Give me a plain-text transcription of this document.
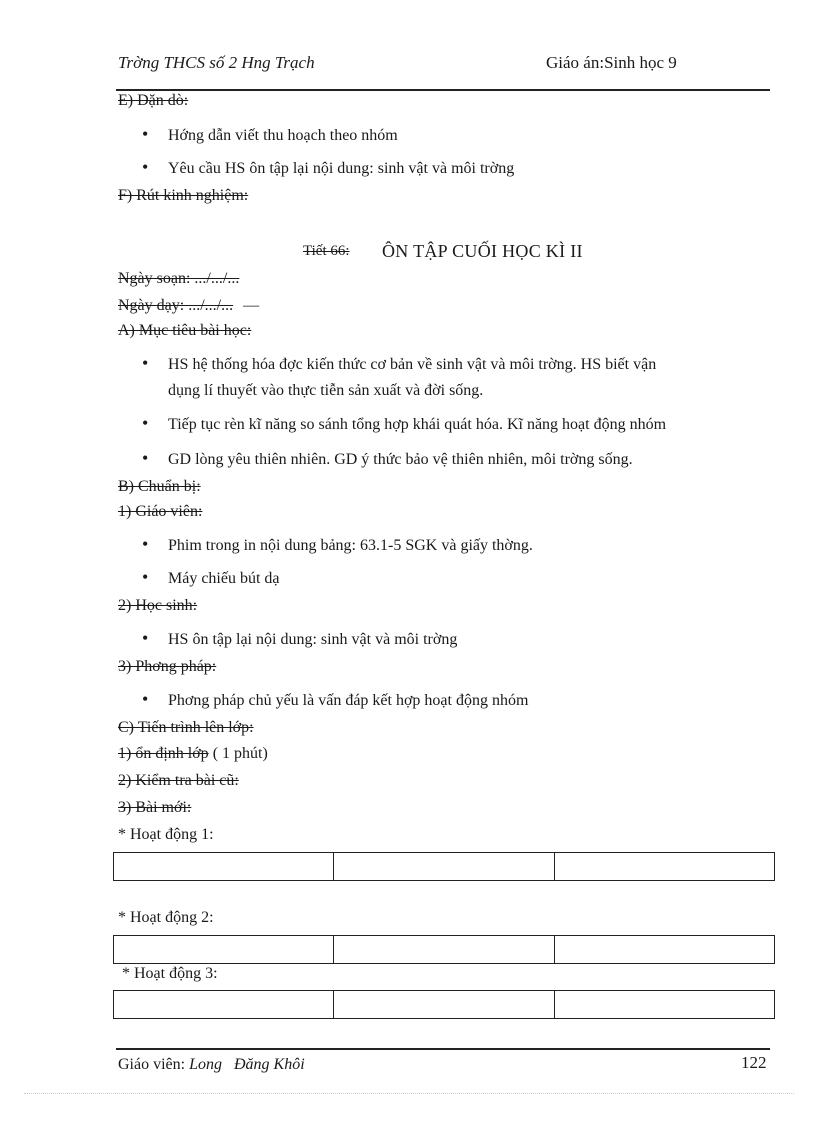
Trờng THCS số 2 Hng Trạch	Giáo án:Sinh học 9
E) Dặn dò:
•	Hớng dẫn viết thu hoạch theo nhóm
•	Yêu cầu HS ôn tập lại nội dung: sinh vật và môi trờng
F) Rút kinh nghiệm:
Tiết 66: ÔN TẬP CUỐI HỌC KÌ II
Ngày soạn: .../.../...
Ngày dạy: .../.../... —
A) Mục tiêu bài học:
•	HS hệ thống hóa đợc kiến thức cơ bản về sinh vật và môi trờng. HS biết vận
dụng lí thuyết vào thực tiễn sản xuất và đời sống.
•	Tiếp tục rèn kĩ năng so sánh tổng hợp khái quát hóa. Kĩ năng hoạt động nhóm
•	GD lòng yêu thiên nhiên. GD ý thức bảo vệ thiên nhiên, môi trờng sống.
B) Chuẩn bị:
1) Giáo viên:
•	Phim trong in nội dung bảng: 63.1-5 SGK và giấy thờng.
•	Máy chiếu bút dạ
2) Học sinh:
•	HS ôn tập lại nội dung: sinh vật và môi trờng
3) Phơng pháp:
•	Phơng pháp chủ yếu là vấn đáp kết hợp hoạt động nhóm
C) Tiến trình lên lớp:
1) ổn định lớp ( 1 phút)
2) Kiểm tra bài cũ:
3) Bài mới:
* Hoạt động 1:

* Hoạt động 2:

* Hoạt động 3:

Giáo viên: Long   Đăng Khôi	122
